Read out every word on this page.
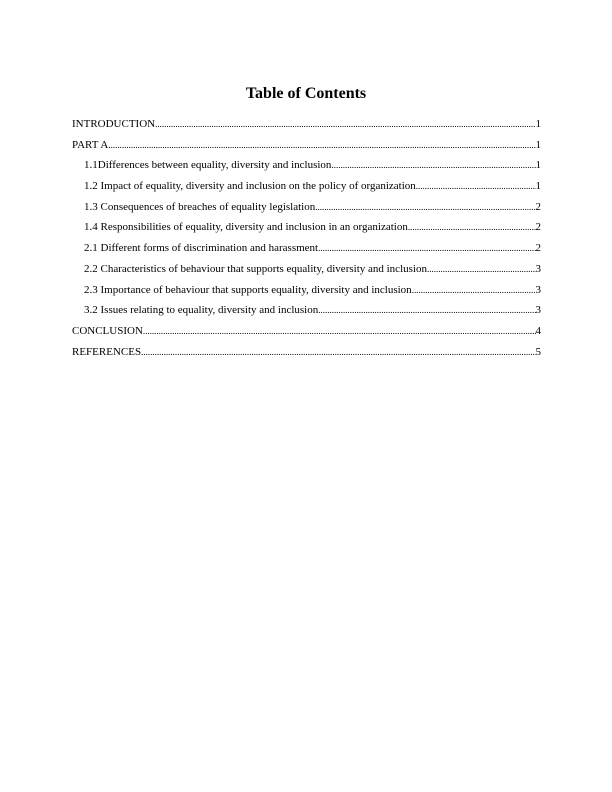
Table of Contents
INTRODUCTION .....	1
PART A .....	1
1.1Differences between equality, diversity and inclusion .....	1
1.2 Impact of equality, diversity and inclusion on the policy of organization .....	1
1.3 Consequences of breaches of equality legislation .....	2
1.4 Responsibilities of equality, diversity and inclusion in an organization .....	2
2.1 Different forms of discrimination and harassment .....	2
2.2 Characteristics of behaviour that supports equality, diversity and inclusion .....	3
2.3 Importance of behaviour that supports equality, diversity and inclusion .....	3
3.2 Issues relating to equality, diversity and inclusion .....	3
CONCLUSION .....	4
REFERENCES .....	5
